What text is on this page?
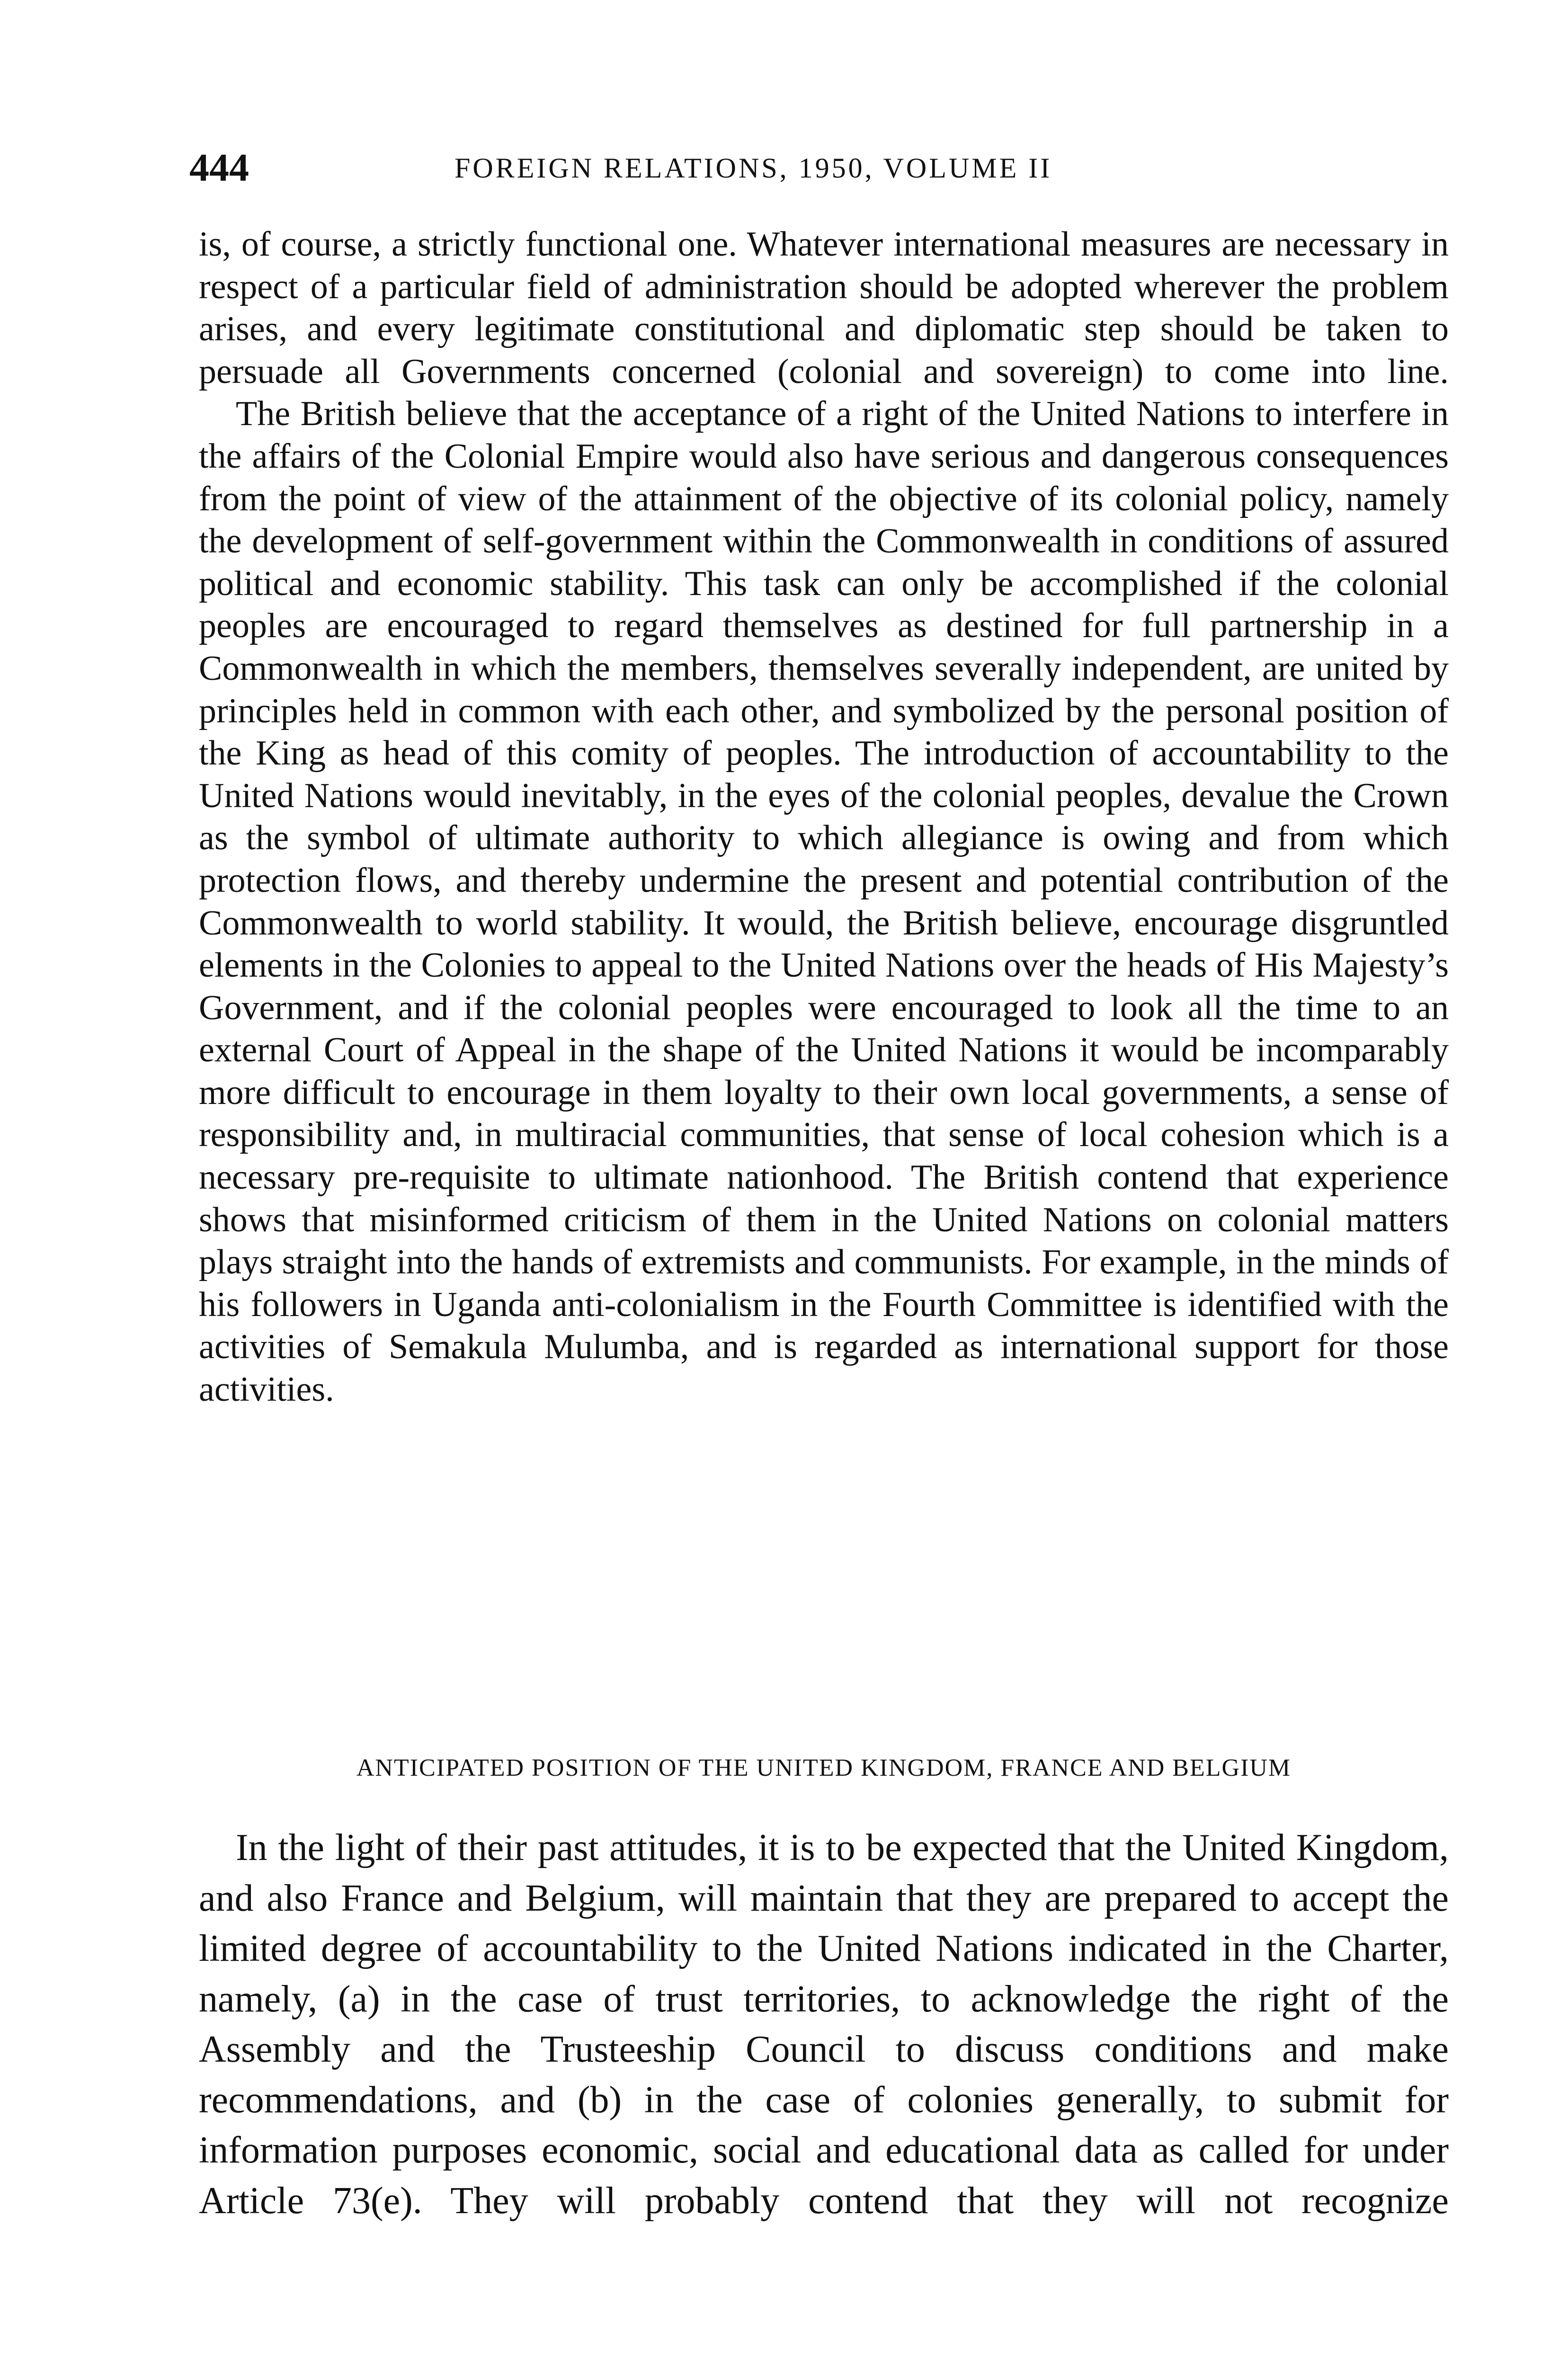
444	FOREIGN RELATIONS, 1950, VOLUME II

is, of course, a strictly functional one. Whatever international measures are necessary in respect of a particular field of administration should be adopted wherever the problem arises, and every legitimate constitutional and diplomatic step should be taken to persuade all Governments concerned (colonial and sovereign) to come into line.

The British believe that the acceptance of a right of the United Nations to interfere in the affairs of the Colonial Empire would also have serious and dangerous consequences from the point of view of the attainment of the objective of its colonial policy, namely the development of self-government within the Commonwealth in conditions of assured political and economic stability. This task can only be accomplished if the colonial peoples are encouraged to regard themselves as destined for full partnership in a Commonwealth in which the members, themselves severally independent, are united by principles held in common with each other, and symbolized by the personal position of the King as head of this comity of peoples. The introduction of accountability to the United Nations would inevitably, in the eyes of the colonial peoples, devalue the Crown as the symbol of ultimate authority to which allegiance is owing and from which protection flows, and thereby undermine the present and potential contribution of the Commonwealth to world stability. It would, the British believe, encourage disgruntled elements in the Colonies to appeal to the United Nations over the heads of His Majesty’s Government, and if the colonial peoples were encouraged to look all the time to an external Court of Appeal in the shape of the United Nations it would be incomparably more difficult to encourage in them loyalty to their own local governments, a sense of responsibility and, in multiracial communities, that sense of local cohesion which is a necessary pre-requisite to ultimate nationhood. The British contend that experience shows that misinformed criticism of them in the United Nations on colonial matters plays straight into the hands of extremists and communists. For example, in the minds of his followers in Uganda anti-colonialism in the Fourth Committee is identified with the activities of Semakula Mulumba, and is regarded as international support for those activities.

ANTICIPATED POSITION OF THE UNITED KINGDOM, FRANCE AND BELGIUM

In the light of their past attitudes, it is to be expected that the United Kingdom, and also France and Belgium, will maintain that they are prepared to accept the limited degree of accountability to the United Nations indicated in the Charter, namely, (a) in the case of trust territories, to acknowledge the right of the Assembly and the Trusteeship Council to discuss conditions and make recommendations, and (b) in the case of colonies generally, to submit for information purposes economic, social and educational data as called for under Article 73(e). They will probably contend that they will not recognize
